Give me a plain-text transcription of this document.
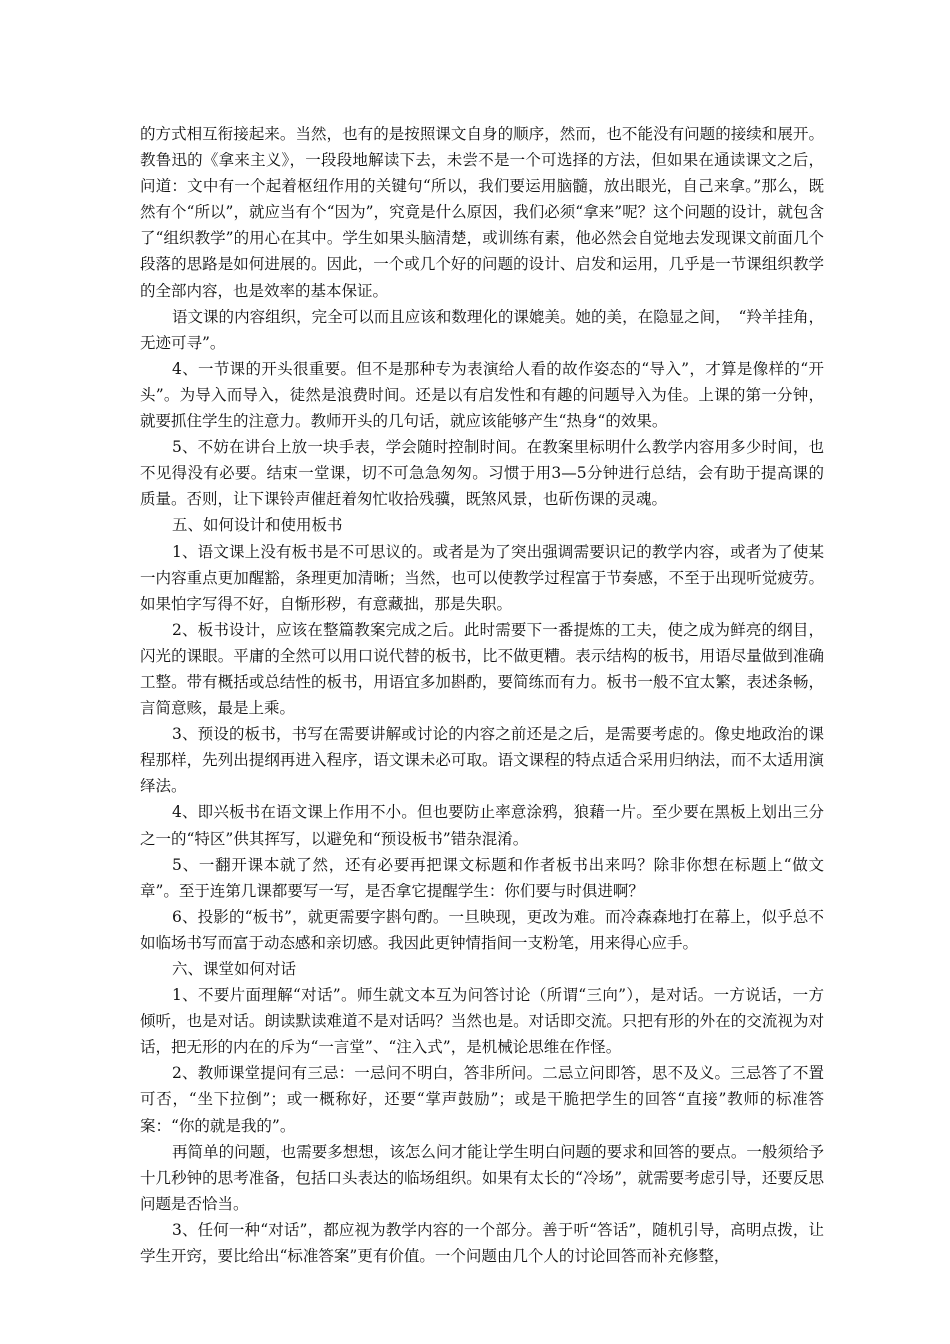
的方式相互衔接起来。当然，也有的是按照课文自身的顺序，然而，也不能没有问题的接续和展开。教鲁迅的《拿来主义》，一段段地解读下去，未尝不是一个可选择的方法，但如果在通读课文之后，问道：文中有一个起着枢纽作用的关键句“所以，我们要运用脑髓，放出眼光，自己来拿。”那么，既然有个“所以”，就应当有个“因为”，究竟是什么原因，我们必须“拿来”呢？这个问题的设计，就包含了“组织教学”的用心在其中。学生如果头脑清楚，或训练有素，他必然会自觉地去发现课文前面几个段落的思路是如何进展的。因此，一个或几个好的问题的设计、启发和运用，几乎是一节课组织教学的全部内容，也是效率的基本保证。

语文课的内容组织，完全可以而且应该和数理化的课媲美。她的美，在隐显之间，　“羚羊挂角，无迹可寻”。

4、一节课的开头很重要。但不是那种专为表演给人看的故作姿态的“导入”，才算是像样的“开头”。为导入而导入，徒然是浪费时间。还是以有启发性和有趣的问题导入为佳。上课的第一分钟，就要抓住学生的注意力。教师开头的几句话，就应该能够产生“热身“的效果。

5、不妨在讲台上放一块手表，学会随时控制时间。在教案里标明什么教学内容用多少时间，也不见得没有必要。结束一堂课，切不可急急匆匆。习惯于用3—5分钟进行总结，会有助于提高课的质量。否则，让下课铃声催赶着匆忙收拾残骥，既煞风景，也斫伤课的灵魂。

五、如何设计和使用板书

1、语文课上没有板书是不可思议的。或者是为了突出强调需要识记的教学内容，或者为了使某一内容重点更加醒豁，条理更加清晰；当然，也可以使教学过程富于节奏感，不至于出现听觉疲劳。如果怕字写得不好，自惭形秽，有意藏拙，那是失职。

2、板书设计，应该在整篇教案完成之后。此时需要下一番提炼的工夫，使之成为鲜亮的纲目，闪光的课眼。平庸的全然可以用口说代替的板书，比不做更糟。表示结构的板书，用语尽量做到准确工整。带有概括或总结性的板书，用语宜多加斟酌，要简练而有力。板书一般不宜太繁，表述条畅，言简意赅，最是上乘。

3、预设的板书，书写在需要讲解或讨论的内容之前还是之后，是需要考虑的。像史地政治的课程那样，先列出提纲再进入程序，语文课未必可取。语文课程的特点适合采用归纳法，而不太适用演绎法。

4、即兴板书在语文课上作用不小。但也要防止率意涂鸦，狼藉一片。至少要在黑板上划出三分之一的“特区”供其挥写，以避免和“预设板书”错杂混淆。

5、一翻开课本就了然，还有必要再把课文标题和作者板书出来吗？除非你想在标题上“做文章”。至于连第几课都要写一写，是否拿它提醒学生：你们要与时俱进啊？

6、投影的“板书”，就更需要字斟句酌。一旦映现，更改为难。而冷森森地打在幕上，似乎总不如临场书写而富于动态感和亲切感。我因此更钟情指间一支粉笔，用来得心应手。

六、课堂如何对话

1、不要片面理解“对话”。师生就文本互为问答讨论（所谓“三向”），是对话。一方说话，一方倾听，也是对话。朗读默读难道不是对话吗？当然也是。对话即交流。只把有形的外在的交流视为对话，把无形的内在的斥为“一言堂”、“注入式”，是机械论思维在作怪。

2、教师课堂提问有三忌：一忌问不明白，答非所问。二忌立问即答，思不及义。三忌答了不置可否，“坐下拉倒”；或一概称好，还要“掌声鼓励”；或是干脆把学生的回答“直接”教师的标准答案：“你的就是我的”。

再简单的问题，也需要多想想，该怎么问才能让学生明白问题的要求和回答的要点。一般须给予十几秒钟的思考准备，包括口头表达的临场组织。如果有太长的“冷场”，就需要考虑引导，还要反思问题是否恰当。

3、任何一种“对话”，都应视为教学内容的一个部分。善于听“答话”，随机引导，高明点拨，让学生开窍，要比给出“标准答案”更有价值。一个问题由几个人的讨论回答而补充修整，
